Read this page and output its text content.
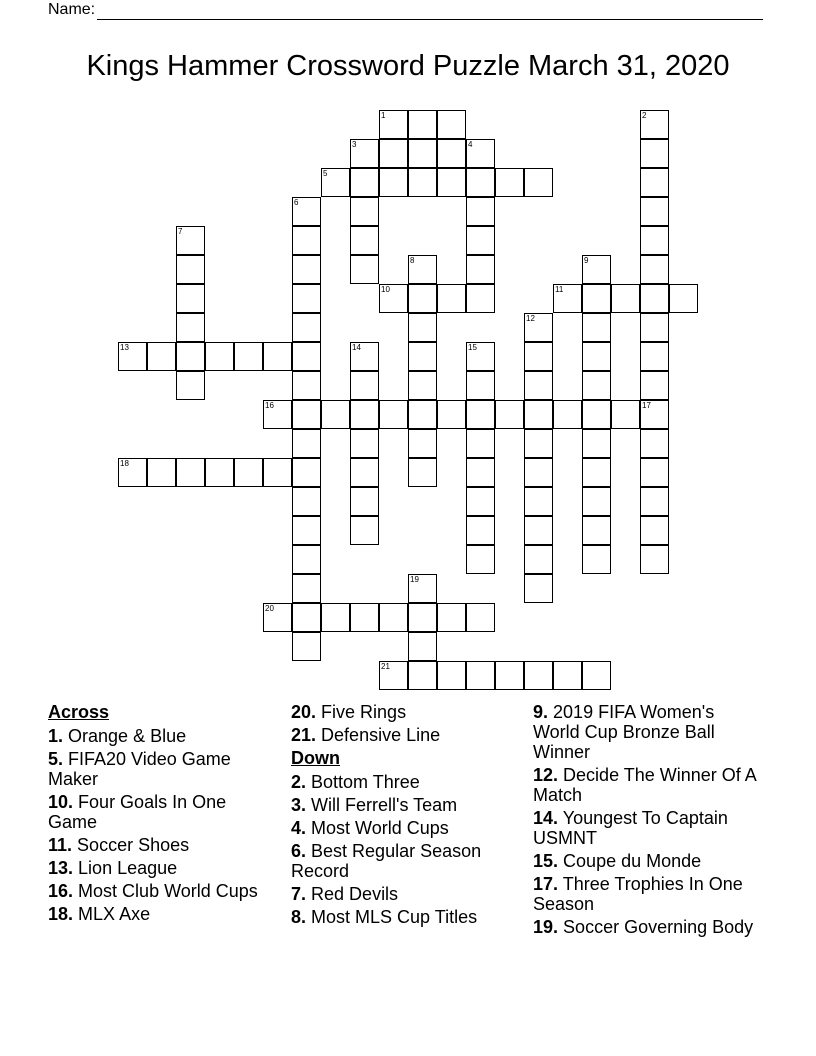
Name:
Kings Hammer Crossword Puzzle March 31, 2020
1
3
5
10	11
13
16
18
20
21
2
4
6
7
8	9
12
14	15
17
19
Across
1. Orange & Blue
5. FIFA20 Video Game Maker
10. Four Goals In One Game
11. Soccer Shoes
13. Lion League
16. Most Club World Cups
18. MLX Axe
20. Five Rings
21. Defensive Line
Down
2. Bottom Three
3. Will Ferrell's Team
4. Most World Cups
6. Best Regular Season Record
7. Red Devils
8. Most MLS Cup Titles
9. 2019 FIFA Women's World Cup Bronze Ball Winner
12. Decide The Winner Of A Match
14. Youngest To Captain USMNT
15. Coupe du Monde
17. Three Trophies In One Season
19. Soccer Governing Body
